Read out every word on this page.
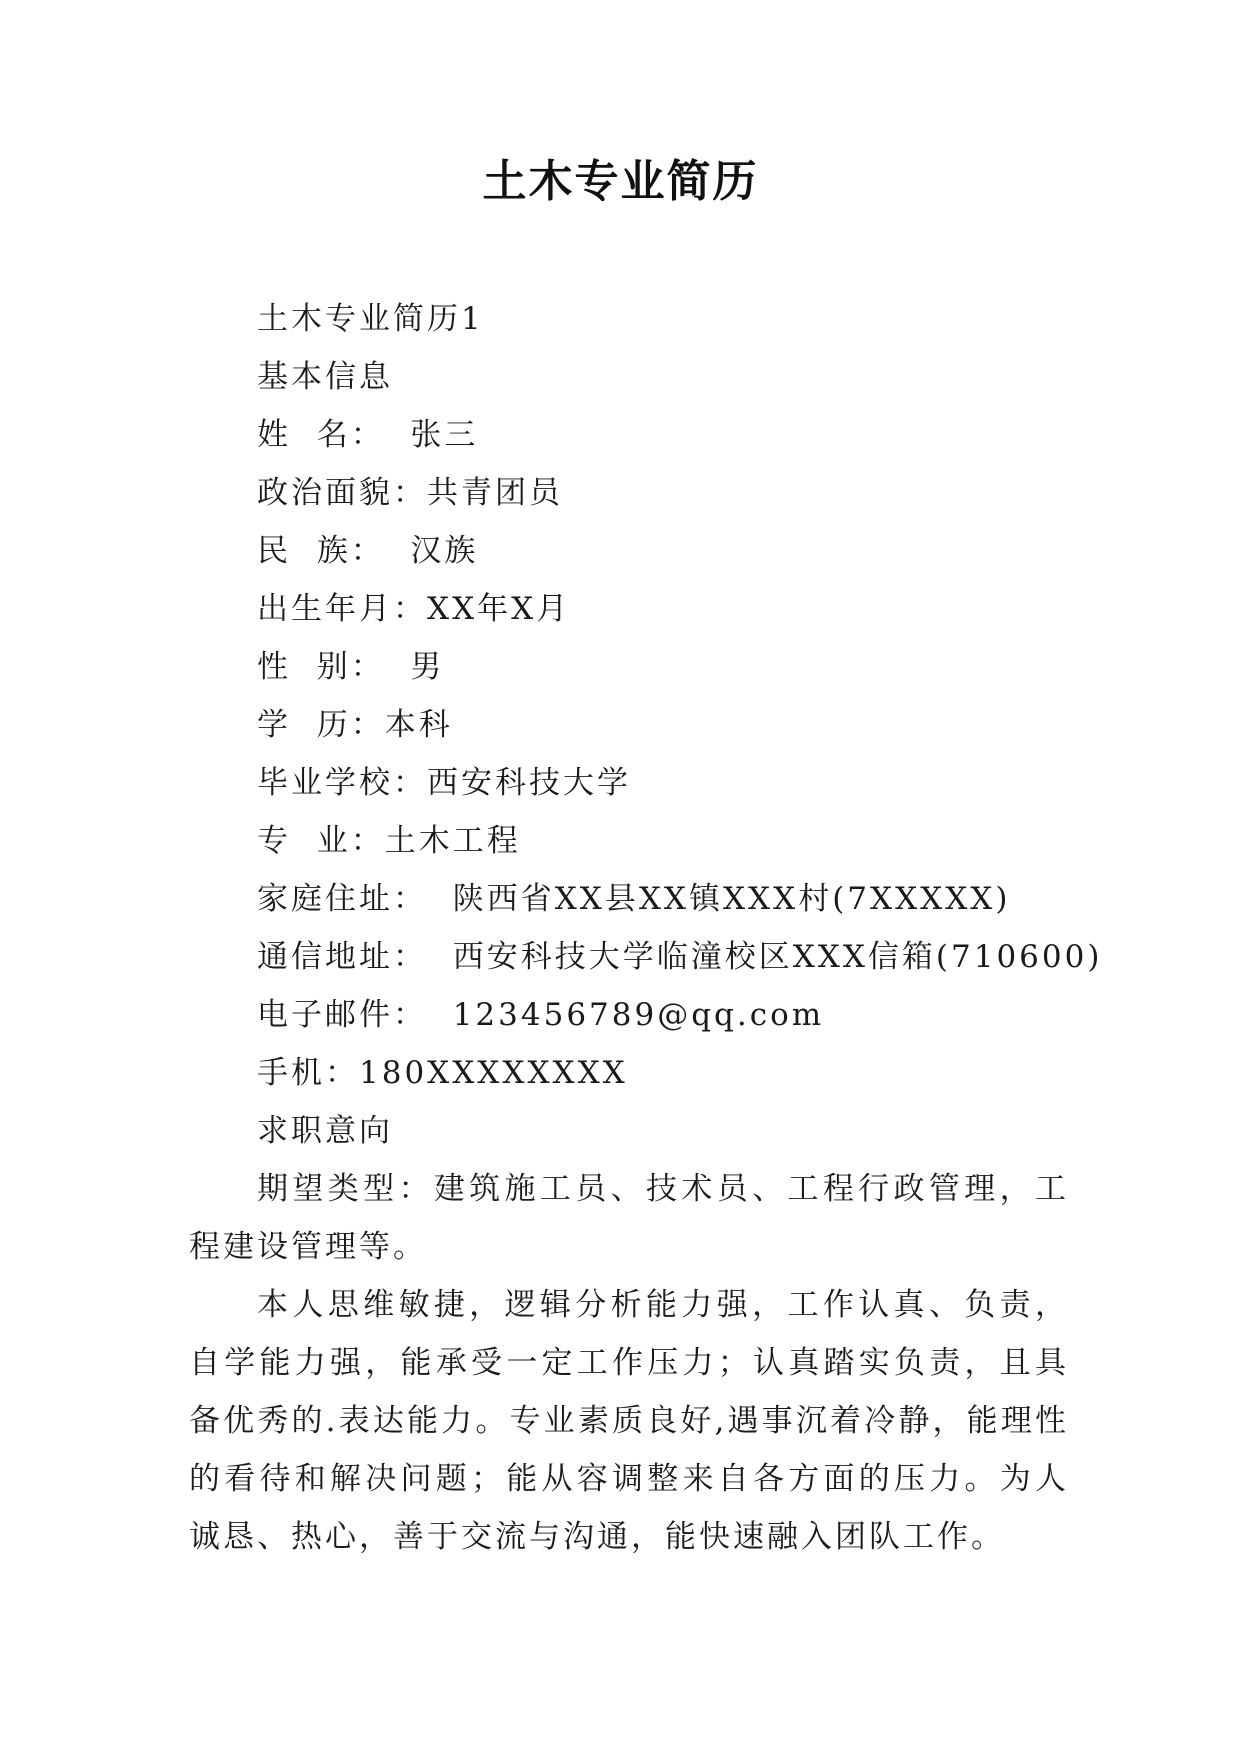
土木专业简历
土木专业简历1
基本信息
姓  名：  张三
政治面貌：共青团员
民  族：  汉族
出生年月：XX年X月
性  别：  男
学  历：本科
毕业学校：西安科技大学
专  业：土木工程
家庭住址：  陕西省XX县XX镇XXX村(7XXXXX)
通信地址：  西安科技大学临潼校区XXX信箱(710600)
电子邮件：  123456789@qq.com
手机：180XXXXXXXX
求职意向

期望类型：建筑施工员、技术员、工程行政管理，工程建设管理等。

本人思维敏捷，逻辑分析能力强，工作认真、负责，自学能力强，能承受一定工作压力；认真踏实负责，且具备优秀的.表达能力。专业素质良好,遇事沉着冷静，能理性的看待和解决问题；能从容调整来自各方面的压力。为人诚恳、热心，善于交流与沟通，能快速融入团队工作。
